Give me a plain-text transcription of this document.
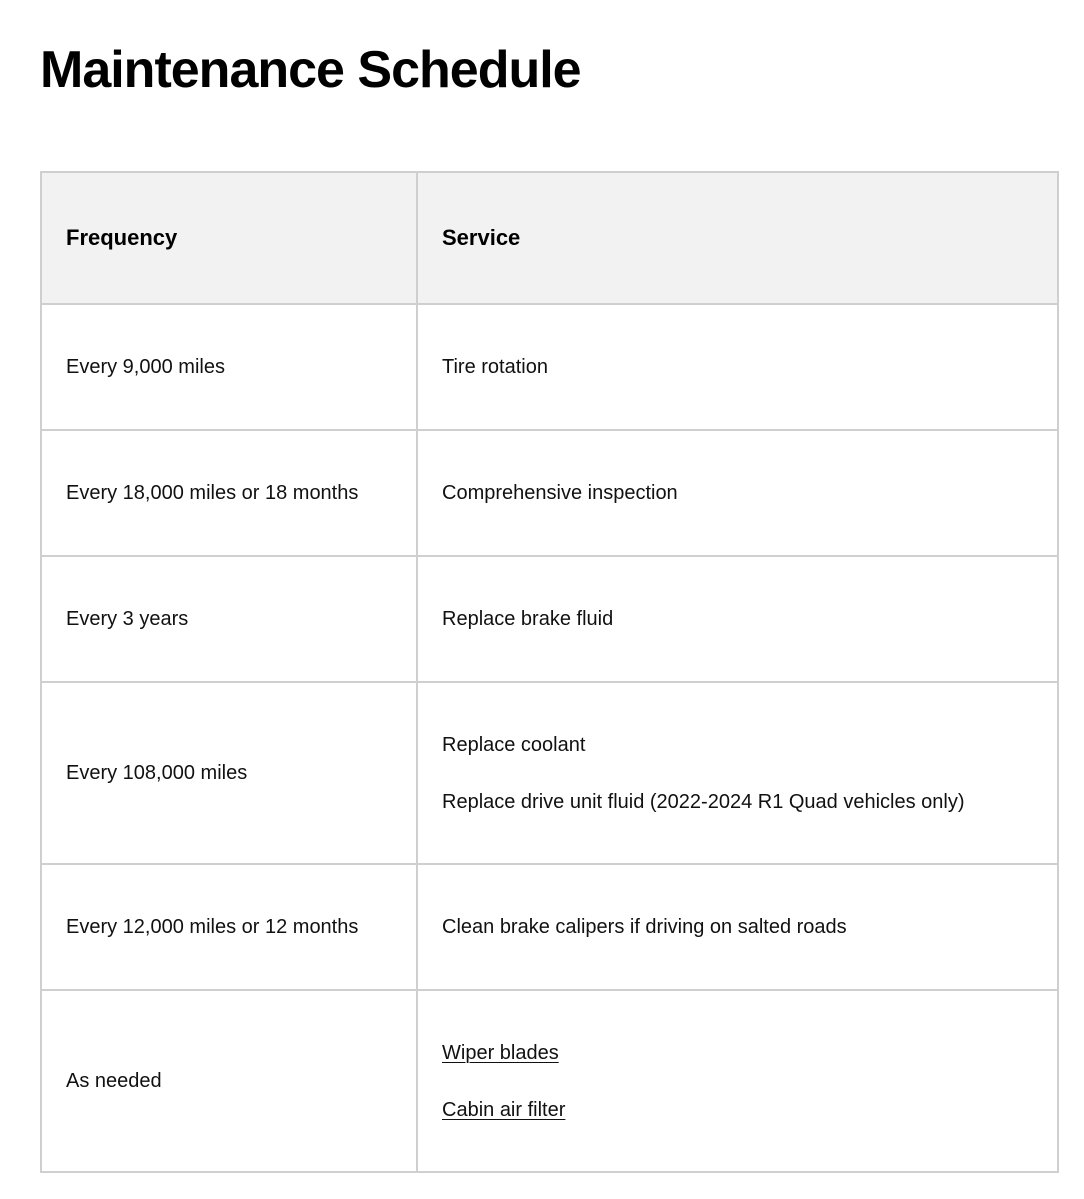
Maintenance Schedule
Frequency	Service
Every 9,000 miles	Tire rotation

Every 18,000 miles or 18 months	Comprehensive inspection

Every 3 years	Replace brake fluid

Every 108,000 miles	Replace coolant
Replace drive unit fluid (2022-2024 R1 Quad vehicles only)

Every 12,000 miles or 12 months	Clean brake calipers if driving on salted roads

As needed	Wiper blades
Cabin air filter
